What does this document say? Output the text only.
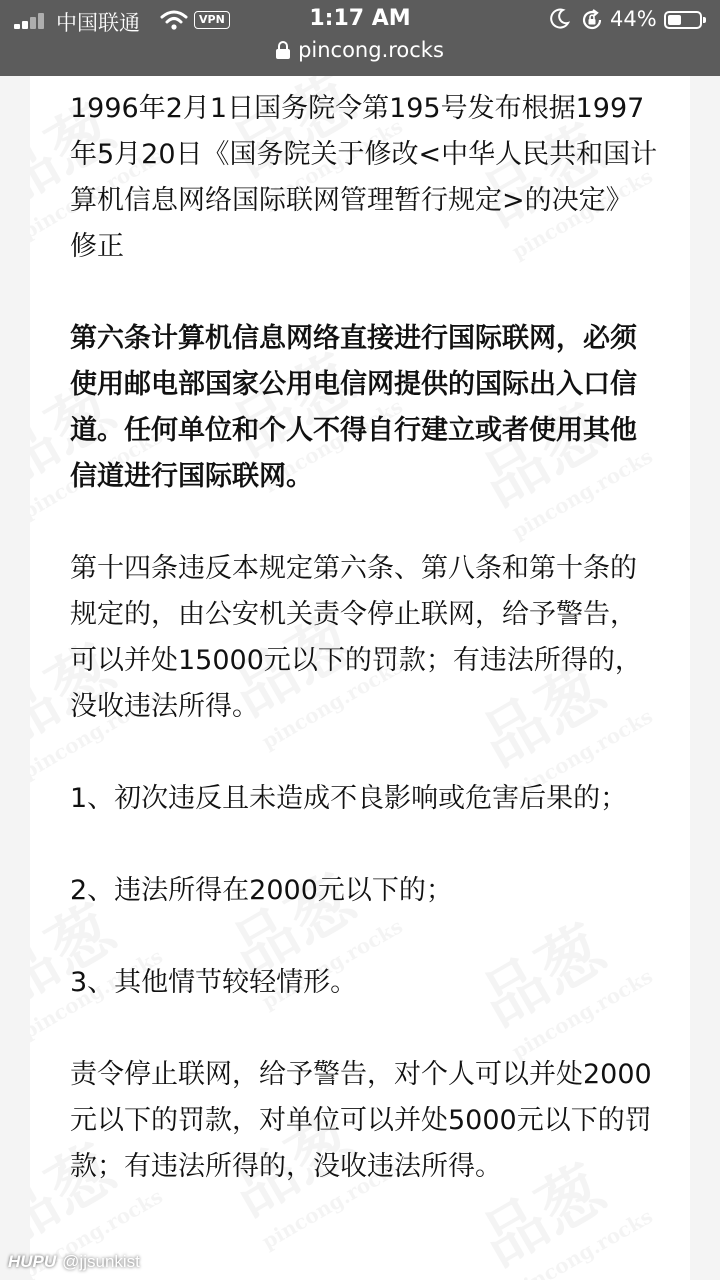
中国联通	VPN	1:17 AM	44%
pincong.rocks

1996年2月1日国务院令第195号发布根据1997年5月20日《国务院关于修改<中华人民共和国计算机信息网络国际联网管理暂行规定>的决定》修正

第六条计算机信息网络直接进行国际联网，必须使用邮电部国家公用电信网提供的国际出入口信道。任何单位和个人不得自行建立或者使用其他信道进行国际联网。

第十四条违反本规定第六条、第八条和第十条的规定的，由公安机关责令停止联网，给予警告，可以并处15000元以下的罚款；有违法所得的，没收违法所得。

1、初次违反且未造成不良影响或危害后果的；

2、违法所得在2000元以下的；

3、其他情节较轻情形。

责令停止联网，给予警告，对个人可以并处2000元以下的罚款，对单位可以并处5000元以下的罚款；有违法所得的，没收违法所得。

HUPU @jjsunkist
